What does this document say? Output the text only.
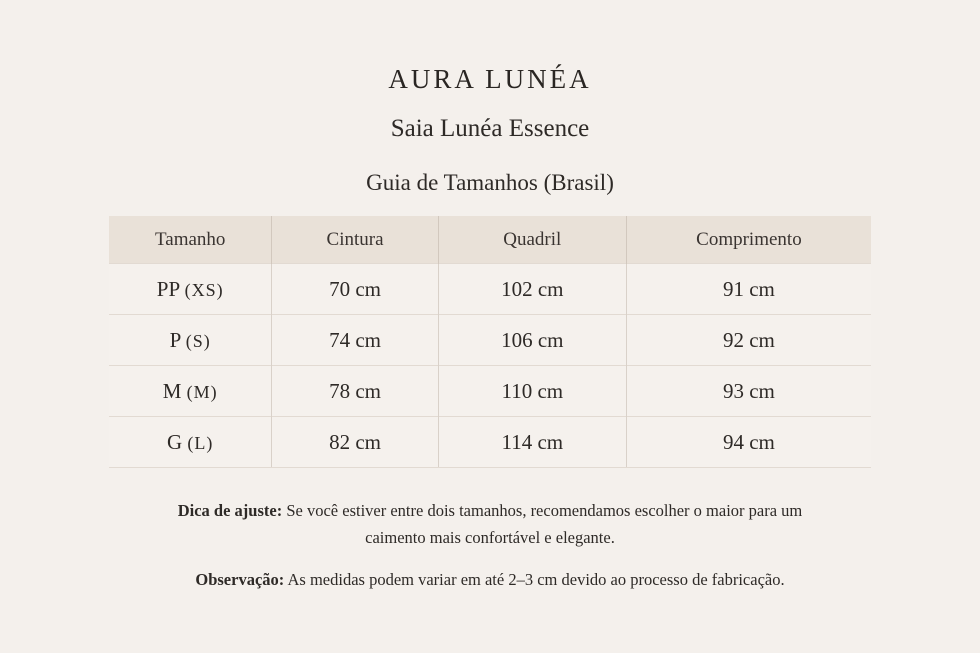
AURA LUNÉA
Saia Lunéa Essence
Guia de Tamanhos (Brasil)
Tamanho	Cintura	Quadril	Comprimento
PP (XS)	70 cm	102 cm	91 cm
P (S)	74 cm	106 cm	92 cm
M (M)	78 cm	110 cm	93 cm
G (L)	82 cm	114 cm	94 cm
Dica de ajuste: Se você estiver entre dois tamanhos, recomendamos escolher o maior para um caimento mais confortável e elegante.
Observação: As medidas podem variar em até 2–3 cm devido ao processo de fabricação.
